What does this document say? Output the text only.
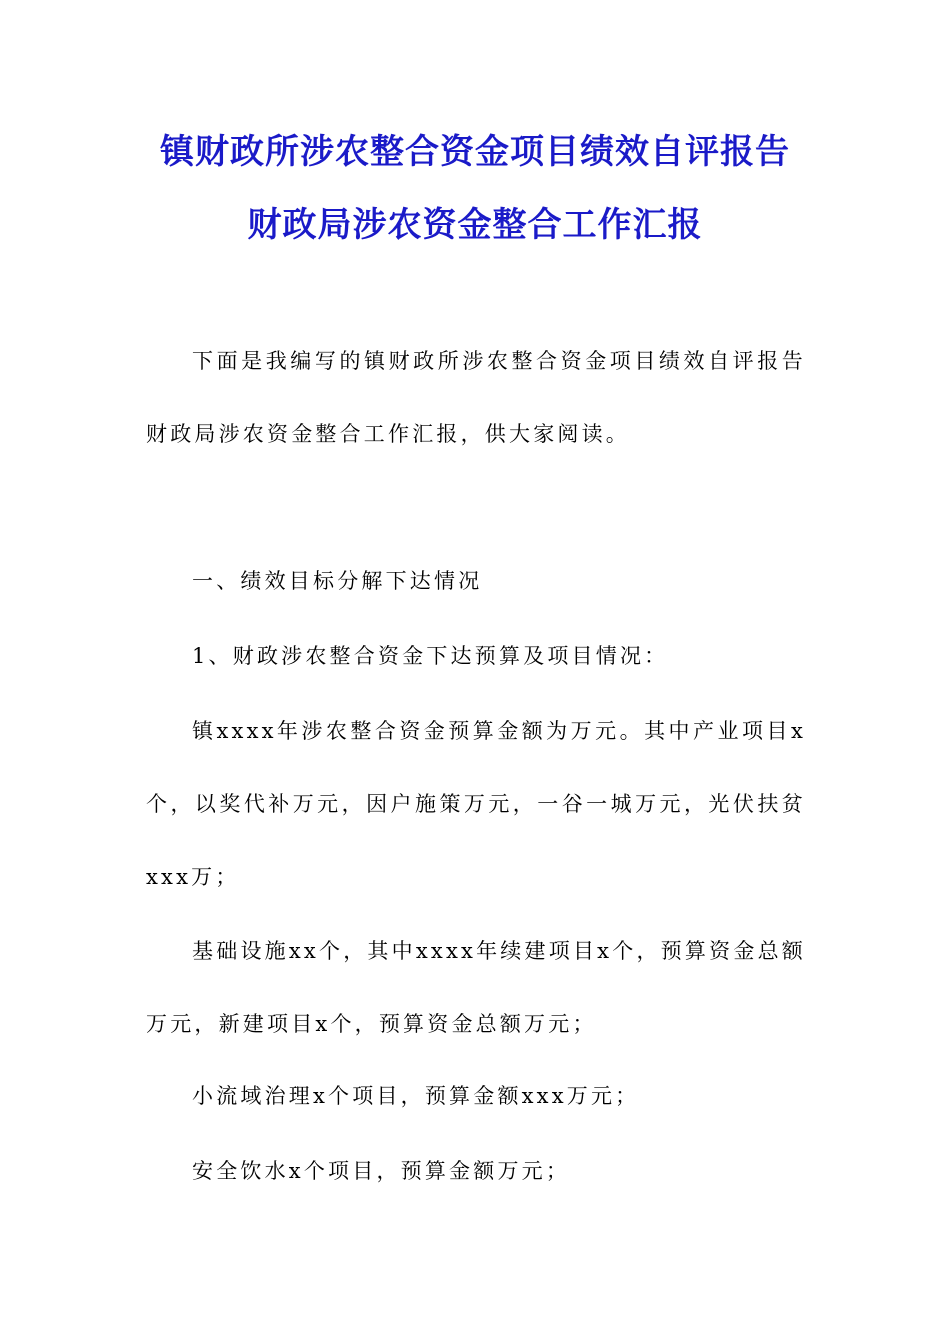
镇财政所涉农整合资金项目绩效自评报告
财政局涉农资金整合工作汇报

下面是我编写的镇财政所涉农整合资金项目绩效自评报告财政局涉农资金整合工作汇报，供大家阅读。

一、绩效目标分解下达情况

1、财政涉农整合资金下达预算及项目情况：

镇xxxx年涉农整合资金预算金额为万元。其中产业项目x个，以奖代补万元，因户施策万元，一谷一城万元，光伏扶贫xxx万；

基础设施xx个，其中xxxx年续建项目x个，预算资金总额万元，新建项目x个，预算资金总额万元；

小流域治理x个项目，预算金额xxx万元；

安全饮水x个项目，预算金额万元；
